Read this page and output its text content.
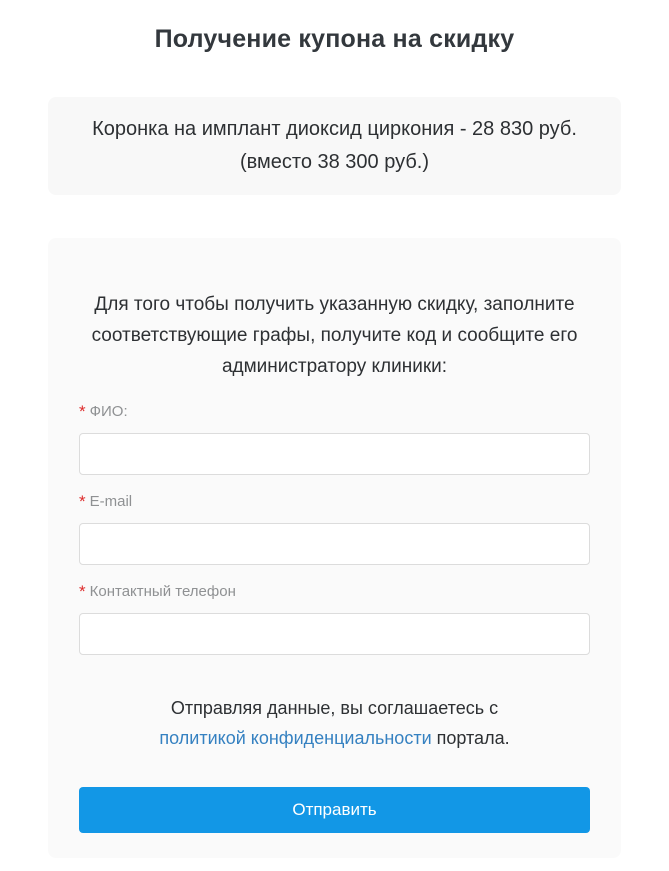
Получение купона на скидку
Коронка на имплант диоксид циркония - 28 830 руб.
(вместо 38 300 руб.)

Для того чтобы получить указанную скидку, заполните соответствующие графы, получите код и сообщите его администратору клиники:

* ФИО:
* E-mail
* Контактный телефон

Отправляя данные, вы соглашаетесь с
политикой конфиденциальности портала.

Отправить
